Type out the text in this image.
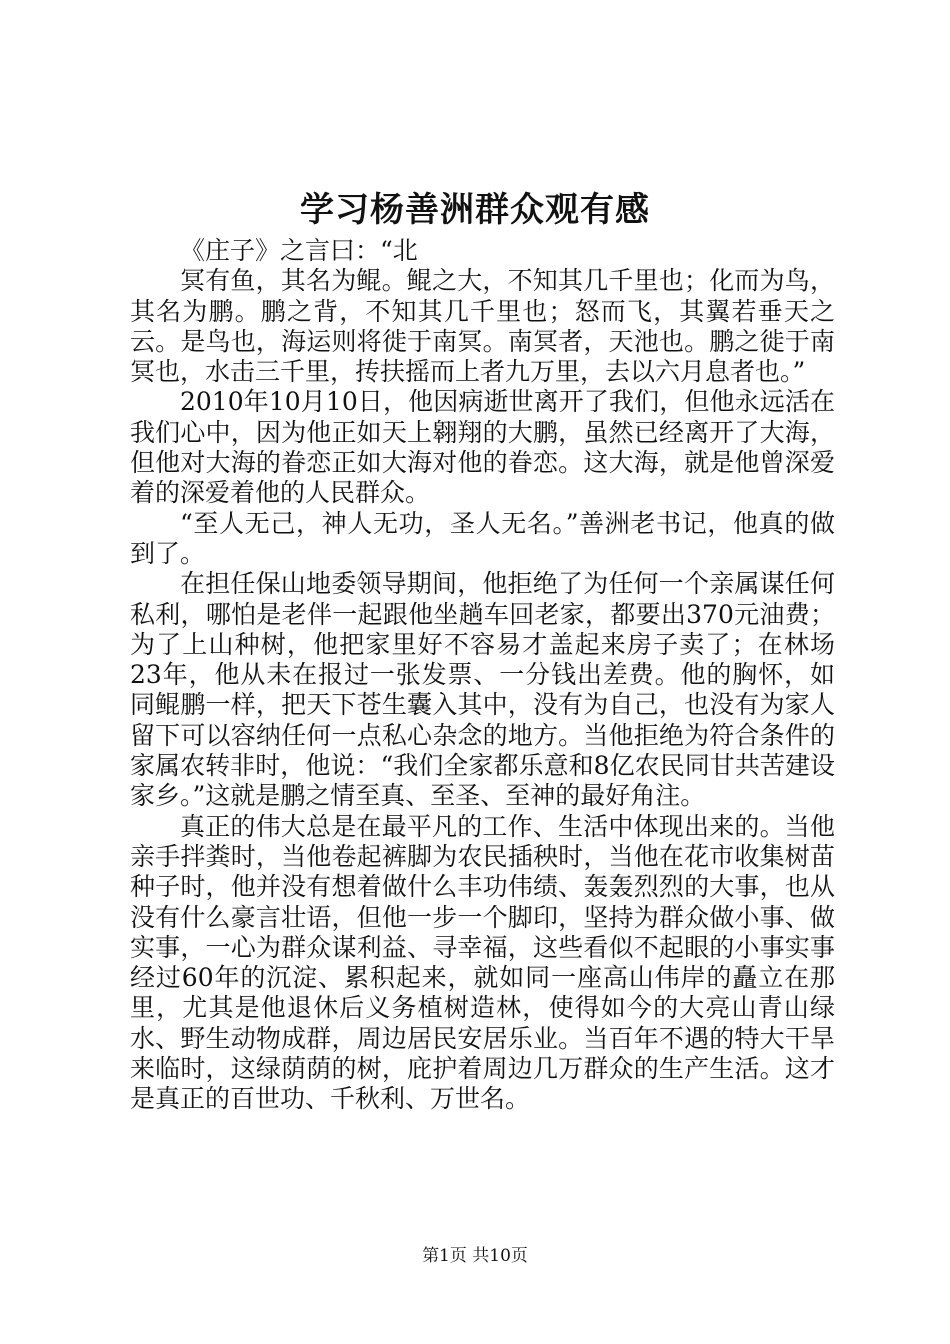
学习杨善洲群众观有感

《庄子》之言曰：“北

冥有鱼，其名为鲲。鲲之大，不知其几千里也；化而为鸟，其名为鹏。鹏之背，不知其几千里也；怒而飞，其翼若垂天之云。是鸟也，海运则将徙于南冥。南冥者，天池也。鹏之徙于南冥也，水击三千里，抟扶摇而上者九万里，去以六月息者也。”

2010年10月10日，他因病逝世离开了我们，但他永远活在我们心中，因为他正如天上翱翔的大鹏，虽然已经离开了大海，但他对大海的眷恋正如大海对他的眷恋。这大海，就是他曾深爱着的深爱着他的人民群众。

“至人无己，神人无功，圣人无名。”善洲老书记，他真的做到了。

在担任保山地委领导期间，他拒绝了为任何一个亲属谋任何私利，哪怕是老伴一起跟他坐趟车回老家，都要出370元油费；为了上山种树，他把家里好不容易才盖起来房子卖了；在林场23年，他从未在报过一张发票、一分钱出差费。他的胸怀，如同鲲鹏一样，把天下苍生囊入其中，没有为自己，也没有为家人留下可以容纳任何一点私心杂念的地方。当他拒绝为符合条件的家属农转非时，他说：“我们全家都乐意和8亿农民同甘共苦建设家乡。”这就是鹏之情至真、至圣、至神的最好角注。

真正的伟大总是在最平凡的工作、生活中体现出来的。当他亲手拌粪时，当他卷起裤脚为农民插秧时，当他在花市收集树苗种子时，他并没有想着做什么丰功伟绩、轰轰烈烈的大事，也从没有什么豪言壮语，但他一步一个脚印，坚持为群众做小事、做实事，一心为群众谋利益、寻幸福，这些看似不起眼的小事实事经过60年的沉淀、累积起来，就如同一座高山伟岸的矗立在那里，尤其是他退休后义务植树造林，使得如今的大亮山青山绿水、野生动物成群，周边居民安居乐业。当百年不遇的特大干旱来临时，这绿荫荫的树，庇护着周边几万群众的生产生活。这才是真正的百世功、千秋利、万世名。

第1页 共10页
